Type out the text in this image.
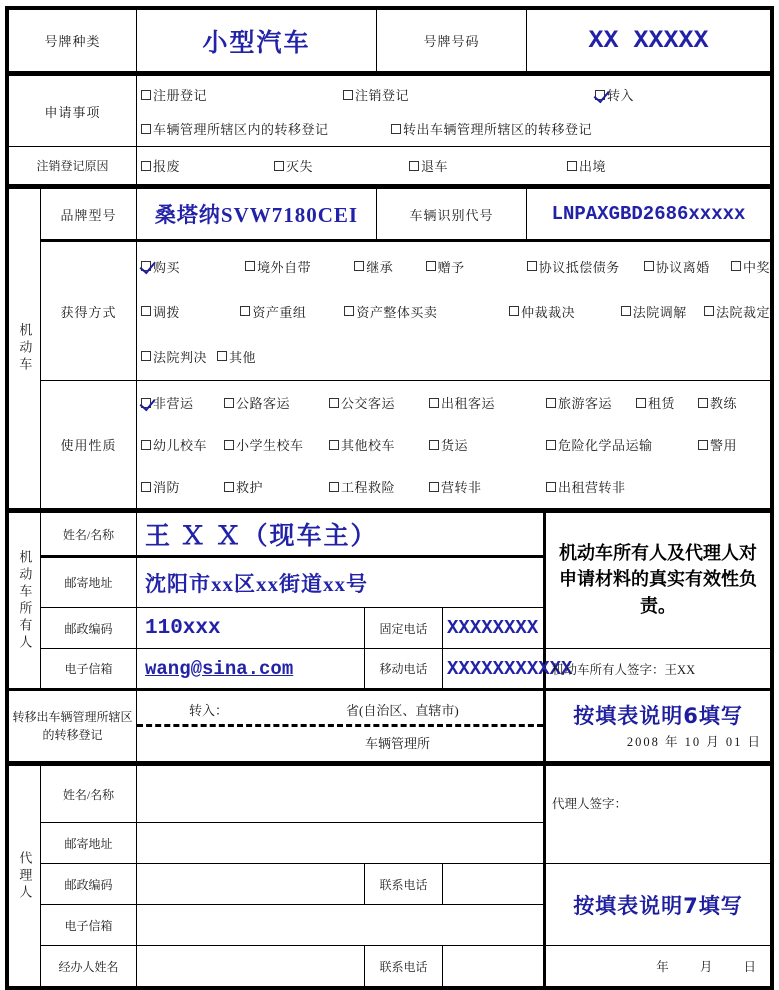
号牌种类	小型汽车	号牌号码	XX XXXXX
申请事项	注册登记 注销登记 转入
车辆管理所辖区内的转移登记 转出车辆管理所辖区的转移登记

注销登记原因	报废 灭失 退车 出境
机动车	品牌型号	桑塔纳SVW7180CEI	车辆识别代号	LNPAXGBD2686xxxxx
获得方式	
购买	境外自带	继承	赠予	协议抵偿债务	协议离婚	中奖
调拨	资产重组	资产整体买卖	仲裁裁决	法院调解 法院裁定
法院判决 其他

使用性质	
非营运	公路客运	公交客运	出租客运	旅游客运	租赁	教练
幼儿校车 小学生校车	其他校车	货运	危险化学品运输	警用
消防	救护	工程救险	营转非	出租营转非
机动车所有人	姓名/名称	王 Ｘ Ｘ（现车主）			机动车所有人及代理人对申请材料的真实有效性负责。

	邮寄地址	沈阳市xx区xx街道xx号			
	邮政编码	110xxx	固定电话	XXXXXXXX	
	电子信箱	wang@sina.com	移动电话	XXXXXXXXXXX	机动车所有人签字：王XX

转移出车辆管理所辖区的转移登记	
转入：	省(自治区、直辖市)
车辆管理所

按填表说明6填写
2008 年 10 月 01 日
代理人	姓名/名称				代理人签字：

	邮寄地址				
	邮政编码		联系电话		按填表说明7填写

	电子信箱				
	经办人姓名		联系电话		年 月 日
